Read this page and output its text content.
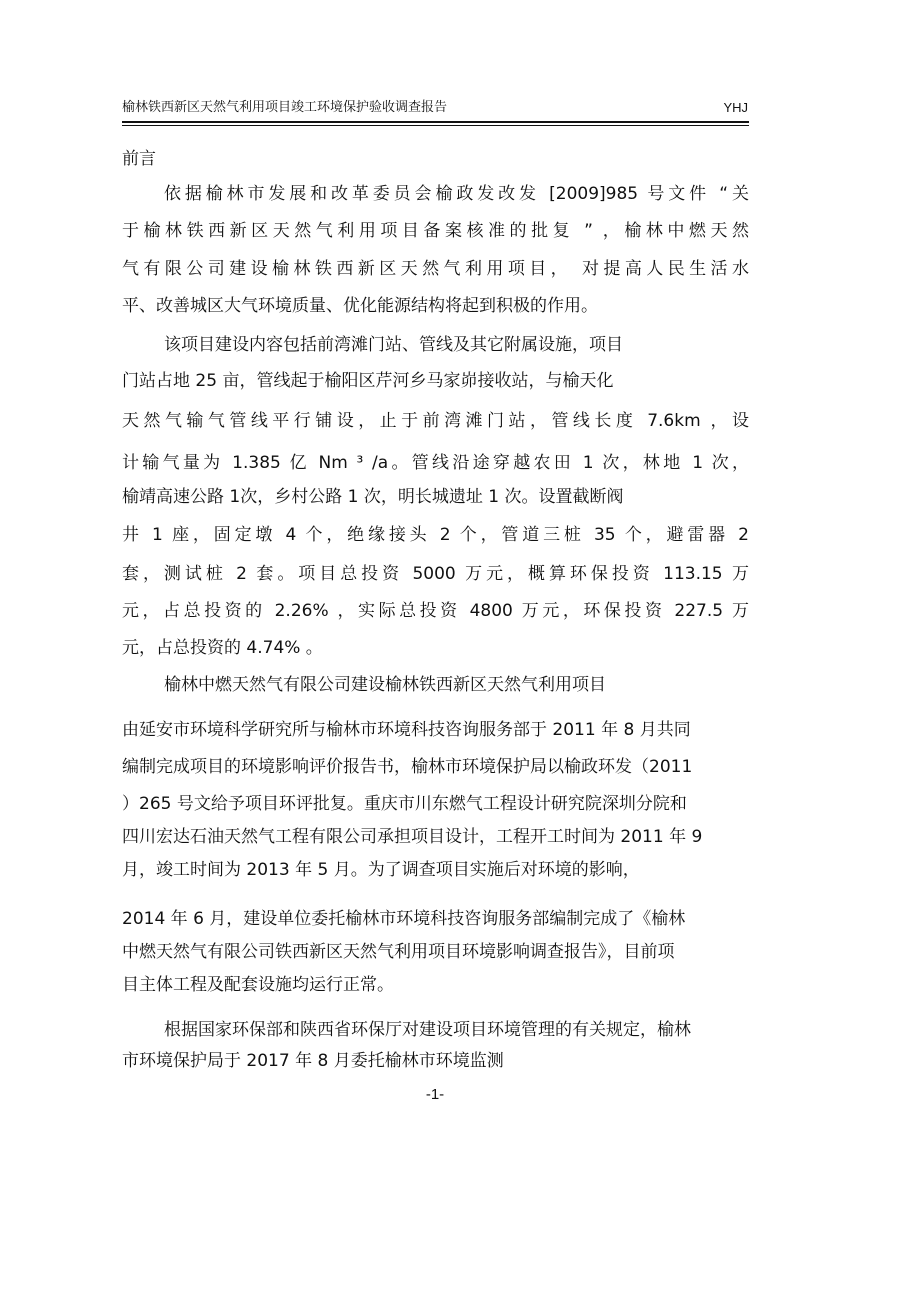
榆林铁西新区天然气利用项目竣工环境保护验收调查报告	YHJ
前言
依据榆林市发展和改革委员会榆政发改发 [2009]985 号文件 “关
于榆林铁西新区天然气利用项目备案核准的批复 ” ，榆林中燃天然
气有限公司建设榆林铁西新区天然气利用项目， 对提高人民生活水
平、改善城区大气环境质量、优化能源结构将起到积极的作用。
该项目建设内容包括前湾滩门站、管线及其它附属设施，项目
门站占地 25 亩，管线起于榆阳区芹河乡马家峁接收站，与榆天化
天然气输气管线平行铺设，止于前湾滩门站，管线长度 7.6km ，设
计输气量为 1.385 亿 Nm ³ /a。管线沿途穿越农田 1 次，林地 1 次，
榆靖高速公路 1次，乡村公路 1 次，明长城遗址 1 次。设置截断阀
井 1 座，固定墩 4 个，绝缘接头 2 个，管道三桩 35 个，避雷器 2
套，测试桩 2 套。项目总投资 5000 万元，概算环保投资 113.15 万
元，占总投资的 2.26% ，实际总投资 4800 万元，环保投资 227.5 万
元，占总投资的 4.74% 。
榆林中燃天然气有限公司建设榆林铁西新区天然气利用项目
由延安市环境科学研究所与榆林市环境科技咨询服务部于 2011 年 8 月共同
编制完成项目的环境影响评价报告书，榆林市环境保护局以榆政环发（2011
）265 号文给予项目环评批复。重庆市川东燃气工程设计研究院深圳分院和
四川宏达石油天然气工程有限公司承担项目设计，工程开工时间为 2011 年 9
月，竣工时间为 2013 年 5 月。为了调查项目实施后对环境的影响，
2014 年 6 月，建设单位委托榆林市环境科技咨询服务部编制完成了《榆林
中燃天然气有限公司铁西新区天然气利用项目环境影响调查报告》，目前项
目主体工程及配套设施均运行正常。
根据国家环保部和陕西省环保厅对建设项目环境管理的有关规定，榆林
市环境保护局于 2017 年 8 月委托榆林市环境监测
-1-
